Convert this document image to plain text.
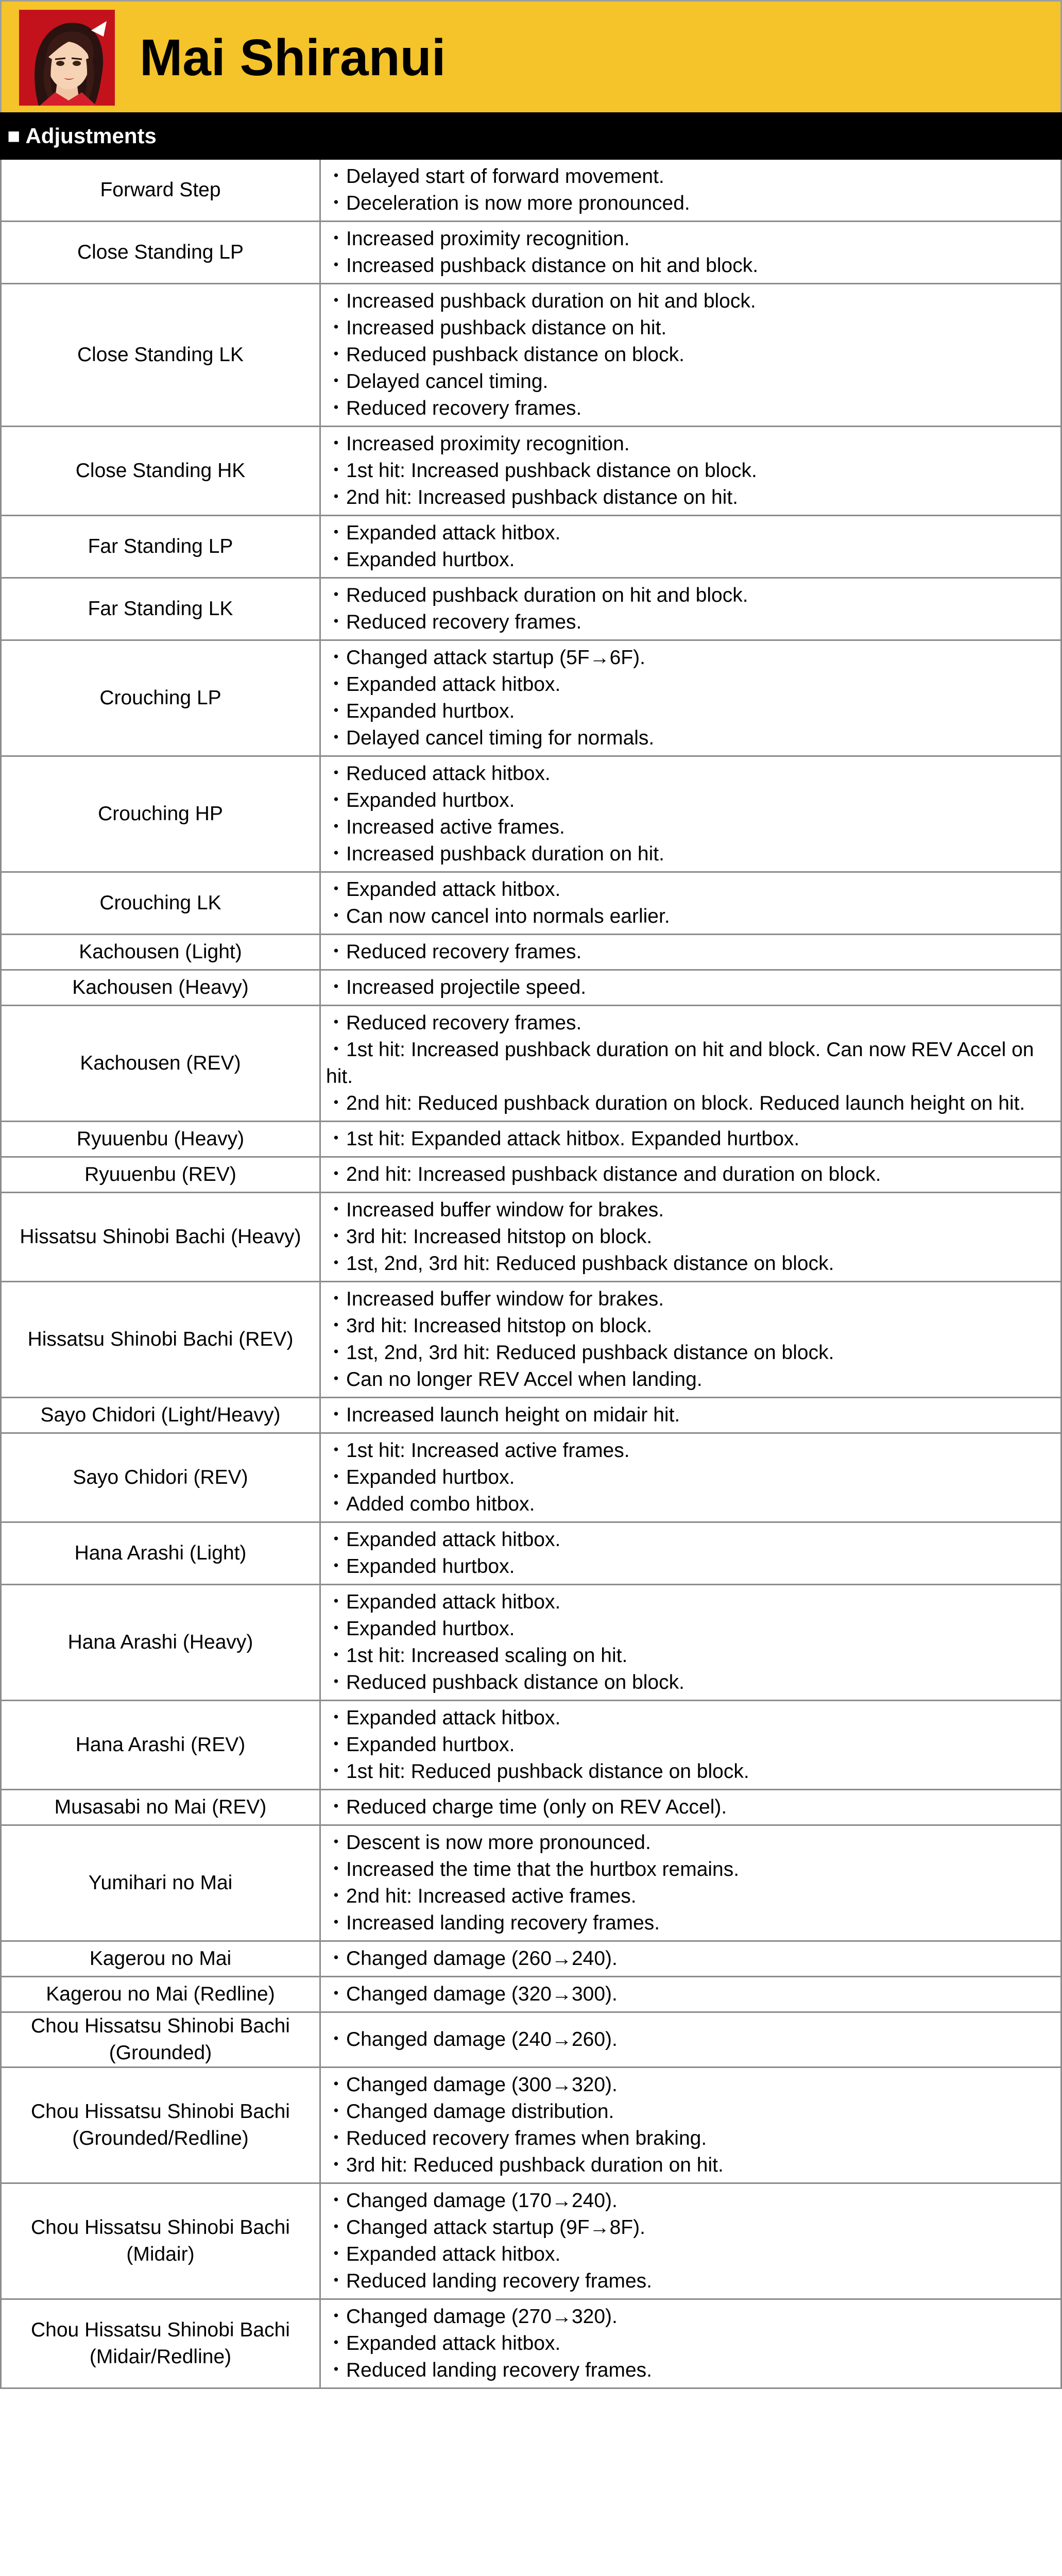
Mai Shiranui
■ Adjustments
Forward Step
・ Delayed start of forward movement.
・ Deceleration is now more pronounced.
Close Standing LP
・ Increased proximity recognition.
・ Increased pushback distance on hit and block.
Close Standing LK
・ Increased pushback duration on hit and block.
・ Increased pushback distance on hit.
・ Reduced pushback distance on block.
・ Delayed cancel timing.
・ Reduced recovery frames.
Close Standing HK
・ Increased proximity recognition.
・ 1st hit: Increased pushback distance on block.
・ 2nd hit: Increased pushback distance on hit.
Far Standing LP
・ Expanded attack hitbox.
・ Expanded hurtbox.
Far Standing LK
・ Reduced pushback duration on hit and block.
・ Reduced recovery frames.
Crouching LP
・ Changed attack startup (5F→6F).
・ Expanded attack hitbox.
・ Expanded hurtbox.
・ Delayed cancel timing for normals.
Crouching HP
・ Reduced attack hitbox.
・ Expanded hurtbox.
・ Increased active frames.
・ Increased pushback duration on hit.
Crouching LK
・ Expanded attack hitbox.
・ Can now cancel into normals earlier.
Kachousen (Light)	・ Reduced recovery frames.
Kachousen (Heavy)	・ Increased projectile speed.
Kachousen (REV)
・ Reduced recovery frames.
・ 1st hit: Increased pushback duration on hit and block. Can now REV Accel on hit.
・ 2nd hit: Reduced pushback duration on block. Reduced launch height on hit.
Ryuuenbu (Heavy)	・ 1st hit: Expanded attack hitbox. Expanded hurtbox.
Ryuuenbu (REV)	・ 2nd hit: Increased pushback distance and duration on block.
Hissatsu Shinobi Bachi (Heavy)
・ Increased buffer window for brakes.
・ 3rd hit: Increased hitstop on block.
・ 1st, 2nd, 3rd hit: Reduced pushback distance on block.
Hissatsu Shinobi Bachi (REV)
・ Increased buffer window for brakes.
・ 3rd hit: Increased hitstop on block.
・ 1st, 2nd, 3rd hit: Reduced pushback distance on block.
・ Can no longer REV Accel when landing.
Sayo Chidori (Light/Heavy)	・ Increased launch height on midair hit.
Sayo Chidori (REV)
・ 1st hit: Increased active frames.
・ Expanded hurtbox.
・ Added combo hitbox.
Hana Arashi (Light)
・ Expanded attack hitbox.
・ Expanded hurtbox.
Hana Arashi (Heavy)
・ Expanded attack hitbox.
・ Expanded hurtbox.
・ 1st hit: Increased scaling on hit.
・ Reduced pushback distance on block.
Hana Arashi (REV)
・ Expanded attack hitbox.
・ Expanded hurtbox.
・ 1st hit: Reduced pushback distance on block.
Musasabi no Mai (REV)	・ Reduced charge time (only on REV Accel).
Yumihari no Mai
・ Descent is now more pronounced.
・ Increased the time that the hurtbox remains.
・ 2nd hit: Increased active frames.
・ Increased landing recovery frames.
Kagerou no Mai	・ Changed damage (260→240).
Kagerou no Mai (Redline)	・ Changed damage (320→300).
Chou Hissatsu Shinobi Bachi (Grounded)
・ Changed damage (240→260).
Chou Hissatsu Shinobi Bachi (Grounded/Redline)
・ Changed damage (300→320).
・ Changed damage distribution.
・ Reduced recovery frames when braking.
・ 3rd hit: Reduced pushback duration on hit.
Chou Hissatsu Shinobi Bachi (Midair)
・ Changed damage (170→240).
・ Changed attack startup (9F→8F).
・ Expanded attack hitbox.
・ Reduced landing recovery frames.
Chou Hissatsu Shinobi Bachi (Midair/Redline)
・ Changed damage (270→320).
・ Expanded attack hitbox.
・ Reduced landing recovery frames.
